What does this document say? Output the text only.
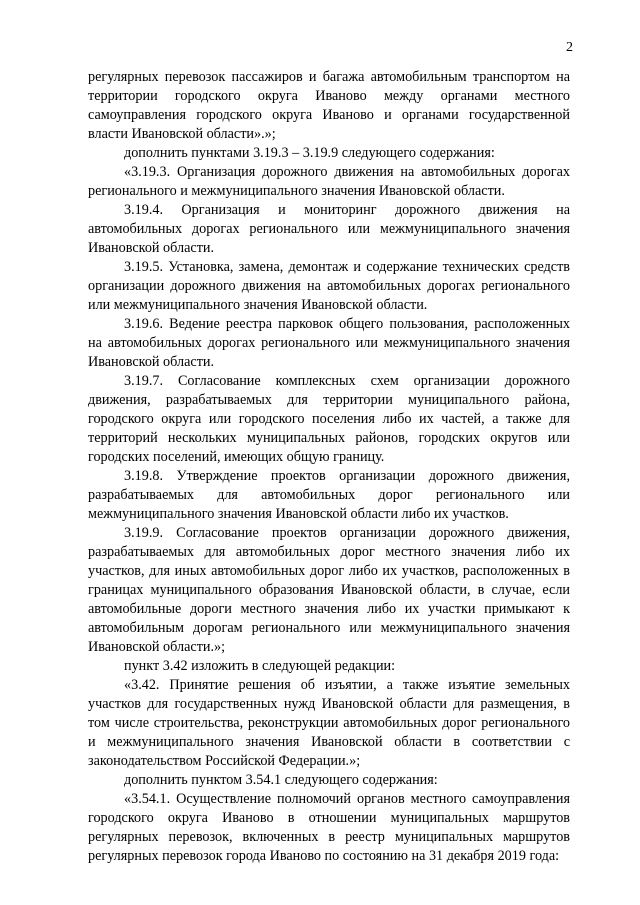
2

регулярных перевозок пассажиров и багажа автомобильным транспортом на территории городского округа Иваново между органами местного самоуправления городского округа Иваново и органами государственной власти Ивановской области».»;

дополнить пунктами 3.19.3 – 3.19.9 следующего содержания:

«3.19.3. Организация дорожного движения на автомобильных дорогах регионального и межмуниципального значения Ивановской области.

3.19.4. Организация и мониторинг дорожного движения на автомобильных дорогах регионального или межмуниципального значения Ивановской области.

3.19.5. Установка, замена, демонтаж и содержание технических средств организации дорожного движения на автомобильных дорогах регионального или межмуниципального значения Ивановской области.

3.19.6. Ведение реестра парковок общего пользования, расположенных на автомобильных дорогах регионального или межмуниципального значения Ивановской области.

3.19.7. Согласование комплексных схем организации дорожного движения, разрабатываемых для территории муниципального района, городского округа или городского поселения либо их частей, а также для территорий нескольких муниципальных районов, городских округов или городских поселений, имеющих общую границу.

3.19.8. Утверждение проектов организации дорожного движения, разрабатываемых для автомобильных дорог регионального или межмуниципального значения Ивановской области либо их участков.

3.19.9. Согласование проектов организации дорожного движения, разрабатываемых для автомобильных дорог местного значения либо их участков, для иных автомобильных дорог либо их участков, расположенных в границах муниципального образования Ивановской области, в случае, если автомобильные дороги местного значения либо их участки примыкают к автомобильным дорогам регионального или межмуниципального значения Ивановской области.»;

пункт 3.42 изложить в следующей редакции:

«3.42. Принятие решения об изъятии, а также изъятие земельных участков для государственных нужд Ивановской области для размещения, в том числе строительства, реконструкции автомобильных дорог регионального и межмуниципального значения Ивановской области в соответствии с законодательством Российской Федерации.»;

дополнить пунктом 3.54.1 следующего содержания:

«3.54.1. Осуществление полномочий органов местного самоуправления городского округа Иваново в отношении муниципальных маршрутов регулярных перевозок, включенных в реестр муниципальных маршрутов регулярных перевозок города Иваново по состоянию на 31 декабря 2019 года:
